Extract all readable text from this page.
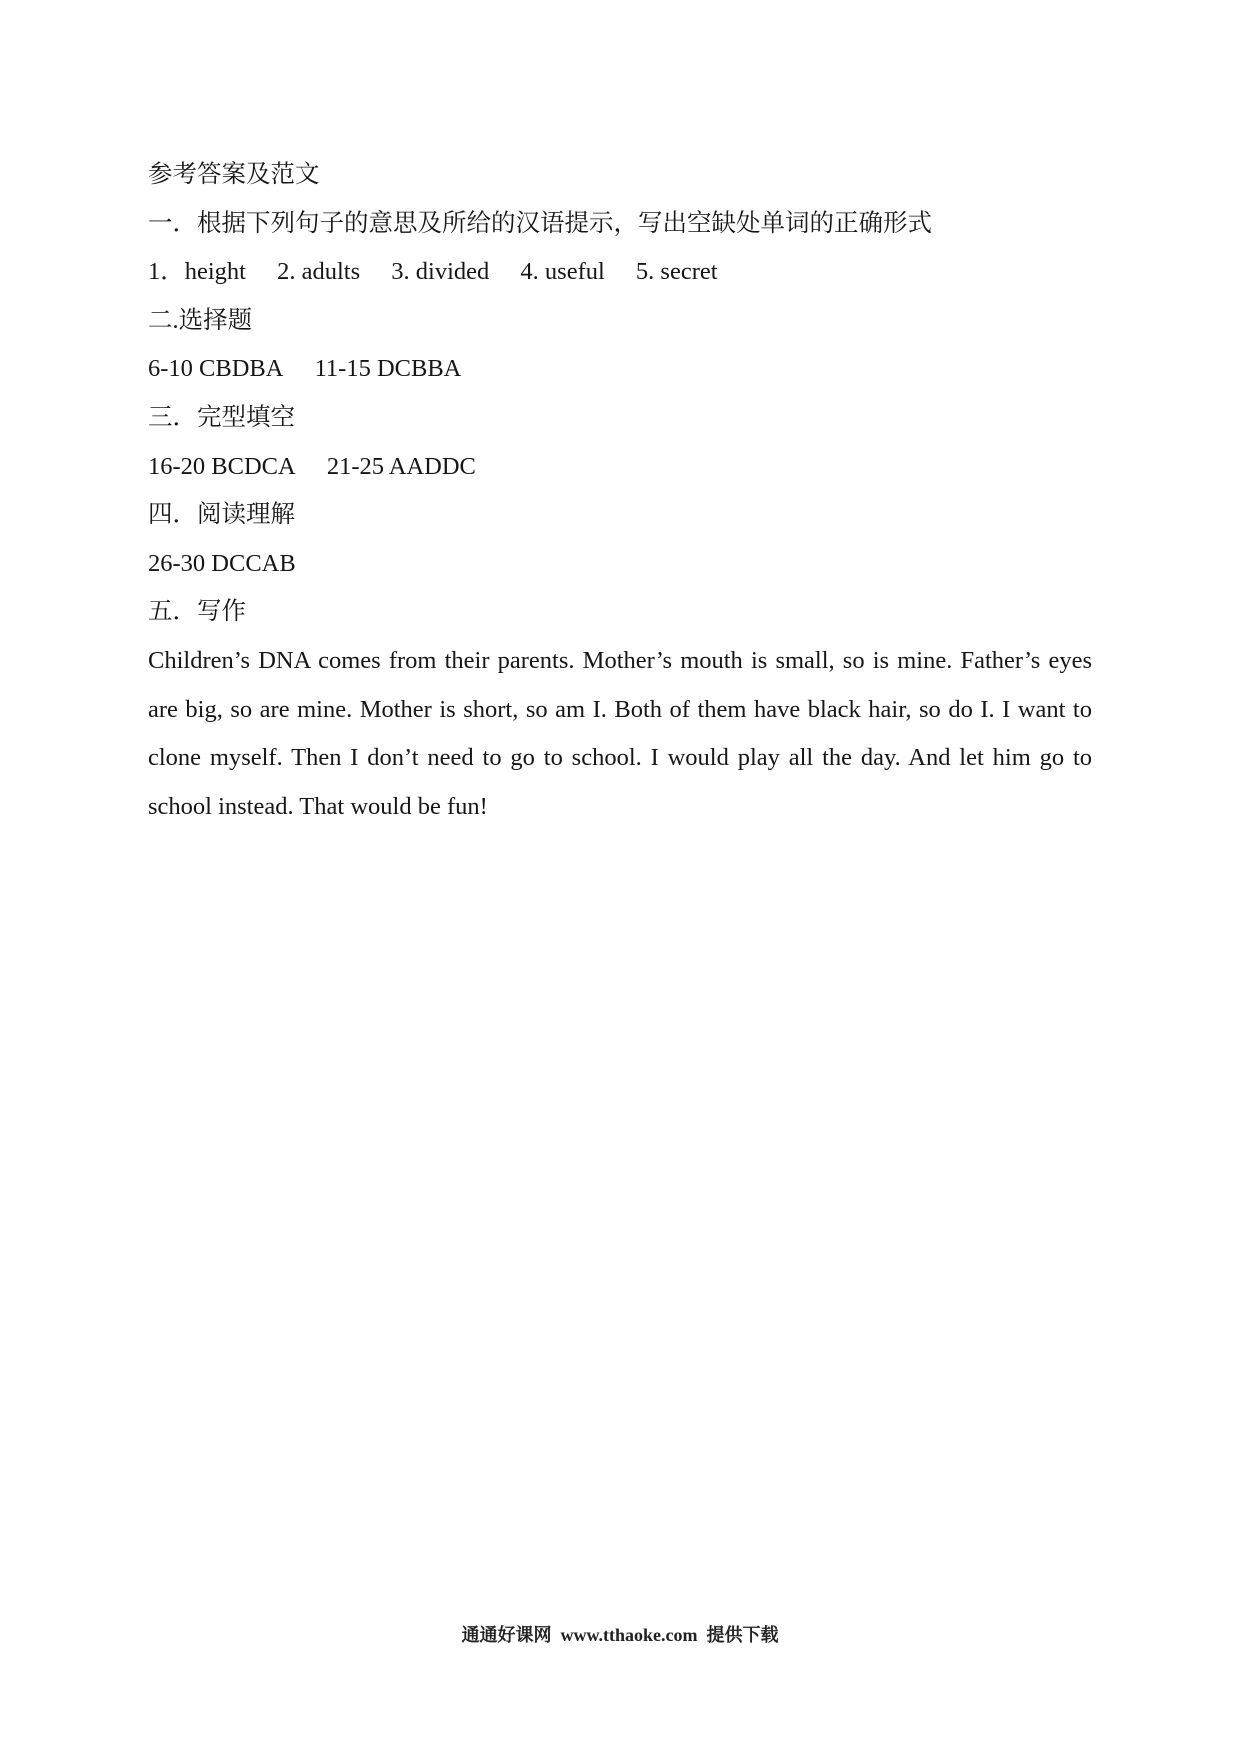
参考答案及范文
一．根据下列句子的意思及所给的汉语提示，写出空缺处单词的正确形式
1．height 2. adults 3. divided 4. useful 5. secret
二.选择题
6-10 CBDBA 11-15 DCBBA
三．完型填空
16-20 BCDCA 21-25 AADDC
四．阅读理解
26-30 DCCAB
五．写作
Children’s DNA comes from their parents. Mother’s mouth is small, so is mine. Father’s eyes are big, so are mine. Mother is short, so am I. Both of them have black hair, so do I. I want to clone myself. Then I don’t need to go to school. I would play all the day. And let him go to school instead. That would be fun!
通通好课网  www.tthaoke.com  提供下载
